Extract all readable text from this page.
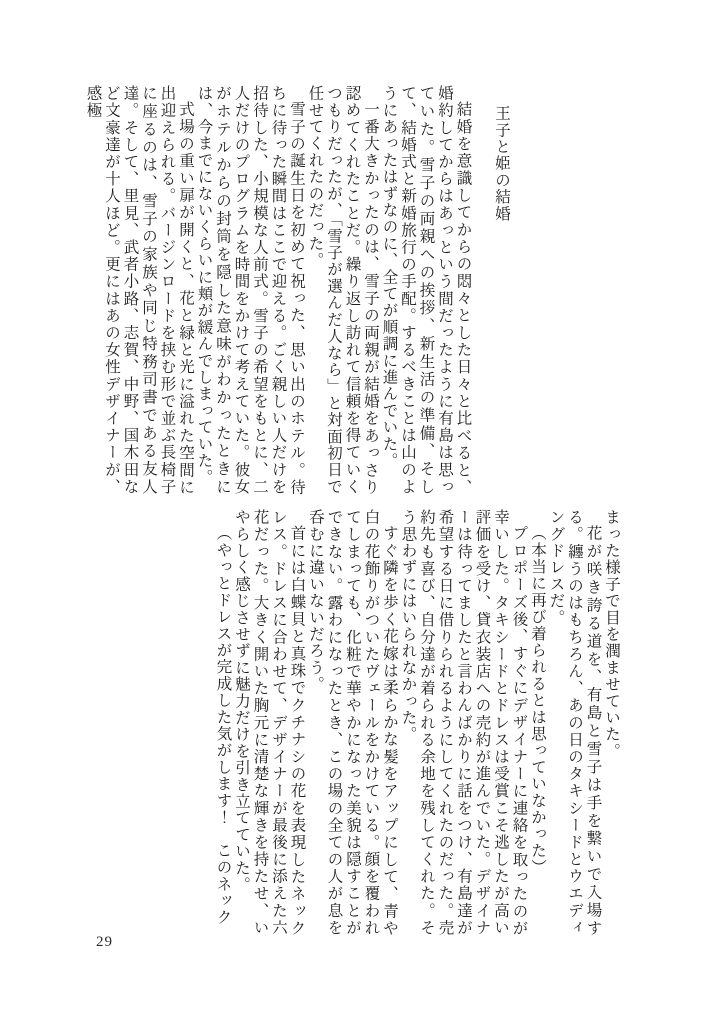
王子と姫の結婚

結婚を意識してからの悶々とした日々と比べると、婚約してからはあっという間だったように有島は思っていた。雪子の両親への挨拶、新生活の準備、そして、結婚式と新婚旅行の手配。するべきことは山のようにあったはずなのに、全てが順調に進んでいた。

一番大きかったのは、雪子の両親が結婚をあっさり認めてくれたことだ。繰り返し訪れて信頼を得ていくつもりだったが、「雪子が選んだ人なら」と対面初日で任せてくれたのだった。

雪子の誕生日を初めて祝った、思い出のホテル。待ちに待った瞬間はここで迎える。ごく親しい人だけを招待した、小規模な人前式。雪子の希望をもとに、二人だけのプログラムを時間をかけて考えていた。彼女がホテルからの封筒を隠した意味がわかったときには、今までにないくらいに頬が緩んでしまっていた。

式場の重い扉が開くと、花と緑と光に溢れた空間に出迎えられる。バージンロードを挟む形で並ぶ長椅子に座るのは、雪子の家族や同じ特務司書である友人達。そして、里見、武者小路、志賀、中野、国木田など文豪達が十人ほど。更にはあの女性デザイナーが、感極

まった様子で目を潤ませていた。

花が咲き誇る道を、有島と雪子は手を繋いで入場する。纏うのはもちろん、あの日のタキシードとウエディングドレスだ。

（本当に再び着られるとは思っていなかった）

プロポーズ後、すぐにデザイナーに連絡を取ったのが幸いした。タキシードとドレスは受賞こそ逃したが高い評価を受け、貸衣装店への売約が進んでいた。デザイナーは待ってましたと言わんばかりに話をつけ、有島達が希望する日に借りられるようにしてくれたのだった。売約先も喜び、自分達が着られる余地を残してくれた。そう思わずにはいられなかった。

すぐ隣を歩く花嫁は柔らかな髪をアップにして、青や白の花飾りがついたヴェールをかけている。顔を覆われてしまっても、化粧で華やかになった美貌は隠すことができない。露わになったとき、この場の全ての人が息を呑むに違いないだろう。

首には白蝶貝と真珠でクチナシの花を表現したネックレス。ドレスに合わせて、デザイナーが最後に添えた六花だった。大きく開いた胸元に清楚な輝きを持たせ、いやらしく感じさせずに魅力だけを引き立てていた。

（やっとドレスが完成した気がします！　このネック

29
